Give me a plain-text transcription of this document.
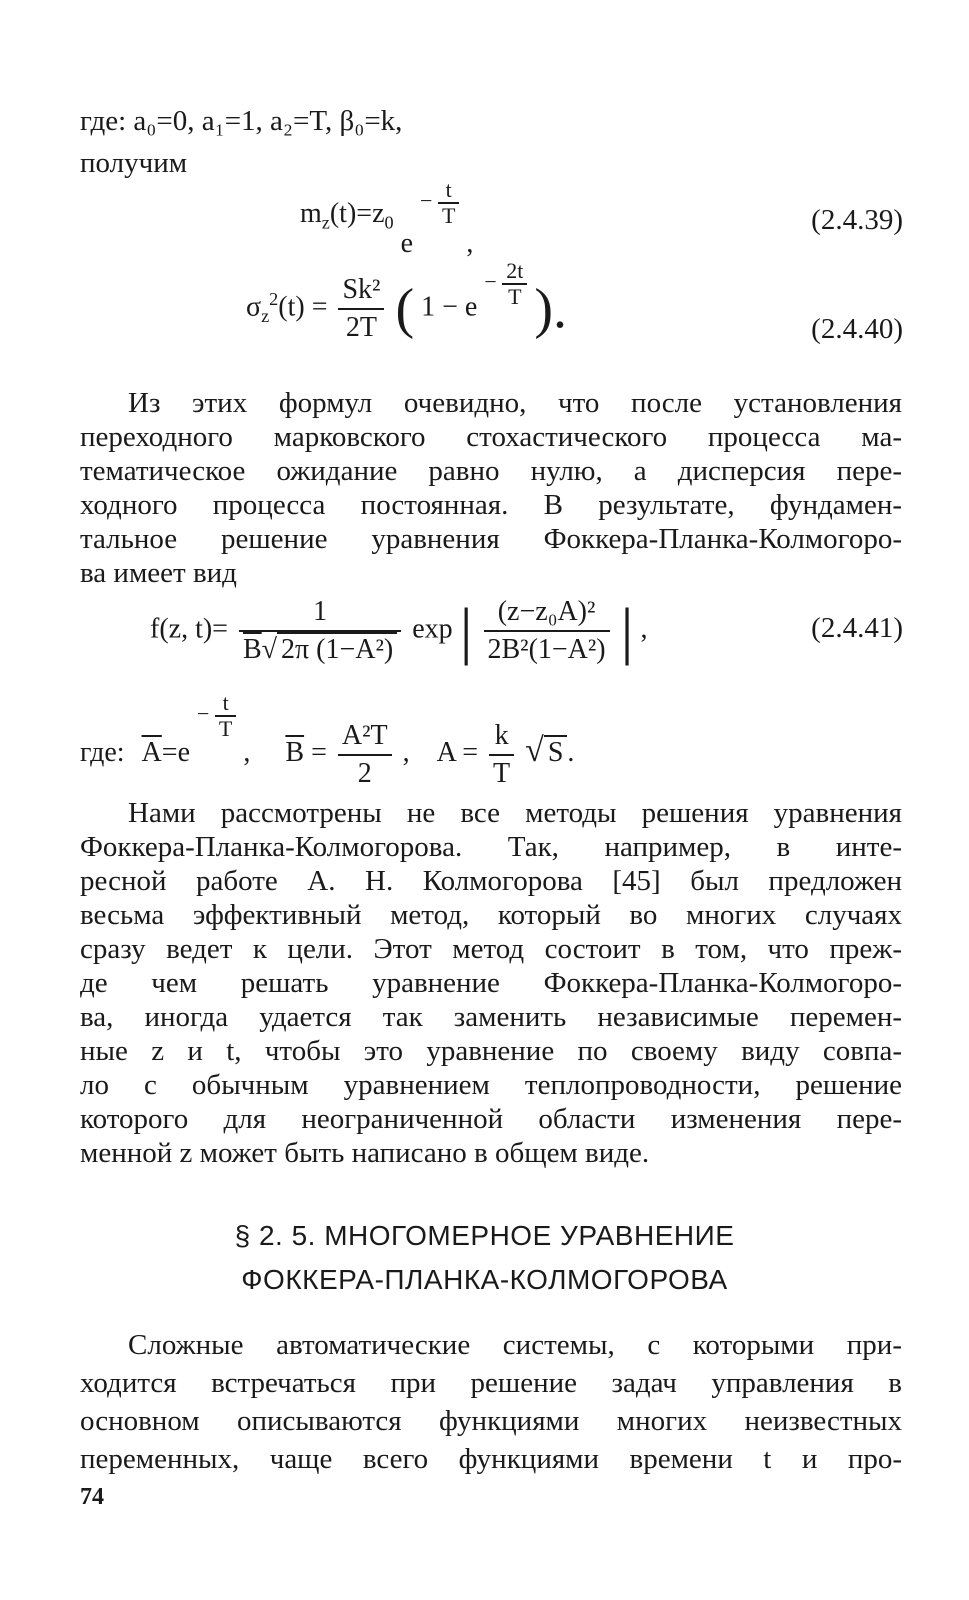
где: a₀=0, a₁=1, a₂=T, β₀=k,
получим
$m_z(t)=z_0$ $e - \frac{t}{T}$
,
(2.4.39)
$\sigma_z^2(t) = \frac{\text{Sk²}}{2T}$ ( $1 - e - \frac{2t}{T}$ ).	(2.4.40)
Из этих формул очевидно, что после установления
переходного марковского стохастического процесса ма-
тематическое ожидание равно нулю, а дисперсия пере-
ходного процесса постоянная. В результате, фундамен-
тальное решение уравнения Фоккера-Планка-Колмогоро-
ва имеет вид
f(z, $t)= \frac{1}{\overline{B}√ 2\pi (1-A^2)}$ exp | $\frac{\text{(z−z₀A)²}}{\text{2B²(1−A²)}}$ | ,	(2.4.41)
где: $\overline{A}=e - \frac{t}{T}$
, $\overline{B} = \frac{\text{A²T}}{2}$ , $A = \frac{k}{T}$ √ S .
Нами рассмотрены не все методы решения уравнения
Фоккера-Планка-Колмогорова. Так, например, в инте-
ресной работе А. Н. Колмогорова [45] был предложен
весьма эффективный метод, который во многих случаях
сразу ведет к цели. Этот метод состоит в том, что преж-
де чем решать уравнение Фоккера-Планка-Колмогоро-
ва, иногда удается так заменить независимые перемен-
ные z и t, чтобы это уравнение по своему виду совпа-
ло с обычным уравнением теплопроводности, решение
которого для неограниченной области изменения пере-
менной z может быть написано в общем виде.
§ 2. 5. МНОГОМЕРНОЕ УРАВНЕНИЕ
ФОККЕРА-ПЛАНКА-КОЛМОГОРОВА
Сложные автоматические системы, с которыми при-
ходится встречаться при решение задач управления в
основном описываются функциями многих неизвестных
переменных, чаще всего функциями времени t и про-
74
